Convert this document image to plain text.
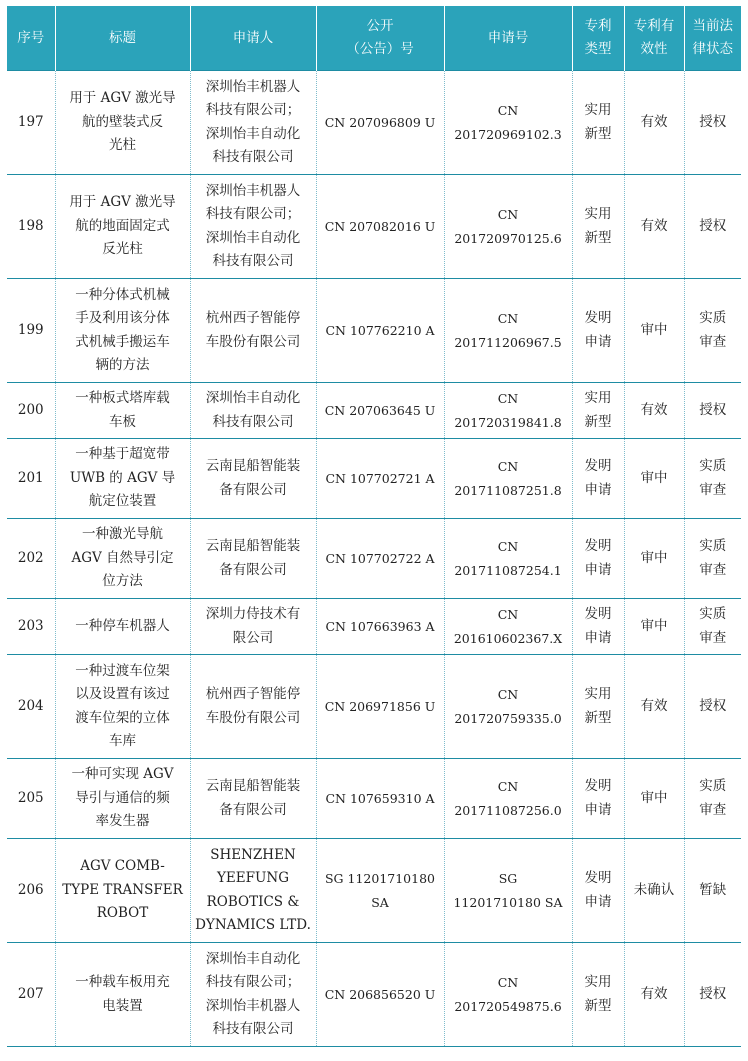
序号	标题	申请人	公开
（公告）号	申请号	专利
类型	专利有
效性	当前法
律状态
197	用于 AGV 激光导
航的壁装式反
光柱	深圳怡丰机器人
科技有限公司；
深圳怡丰自动化
科技有限公司	CN 207096809 U	CN
201720969102.3	实用
新型	有效	授权
198	用于 AGV 激光导
航的地面固定式
反光柱	深圳怡丰机器人
科技有限公司；
深圳怡丰自动化
科技有限公司	CN 207082016 U	CN
201720970125.6	实用
新型	有效	授权
199	一种分体式机械
手及利用该分体
式机械手搬运车
辆的方法	杭州西子智能停
车股份有限公司	CN 107762210 A	CN
201711206967.5	发明
申请	审中	实质
审查
200	一种板式塔库载
车板	深圳怡丰自动化
科技有限公司	CN 207063645 U	CN
201720319841.8	实用
新型	有效	授权
201	一种基于超宽带
UWB 的 AGV 导
航定位装置	云南昆船智能装
备有限公司	CN 107702721 A	CN
201711087251.8	发明
申请	审中	实质
审查
202	一种激光导航
AGV 自然导引定
位方法	云南昆船智能装
备有限公司	CN 107702722 A	CN
201711087254.1	发明
申请	审中	实质
审查
203	一种停车机器人	深圳力侍技术有
限公司	CN 107663963 A	CN
201610602367.X	发明
申请	审中	实质
审查
204	一种过渡车位架
以及设置有该过
渡车位架的立体
车库	杭州西子智能停
车股份有限公司	CN 206971856 U	CN
201720759335.0	实用
新型	有效	授权
205	一种可实现 AGV
导引与通信的频
率发生器	云南昆船智能装
备有限公司	CN 107659310 A	CN
201711087256.0	发明
申请	审中	实质
审查
206	AGV COMB-
TYPE TRANSFER
ROBOT	SHENZHEN
YEEFUNG
ROBOTICS &
DYNAMICS LTD.	SG 11201710180 SA	SG
11201710180 SA	发明
申请	未确认	暂缺
207	一种载车板用充
电装置	深圳怡丰自动化
科技有限公司；
深圳怡丰机器人
科技有限公司	CN 206856520 U	CN
201720549875.6	实用
新型	有效	授权
